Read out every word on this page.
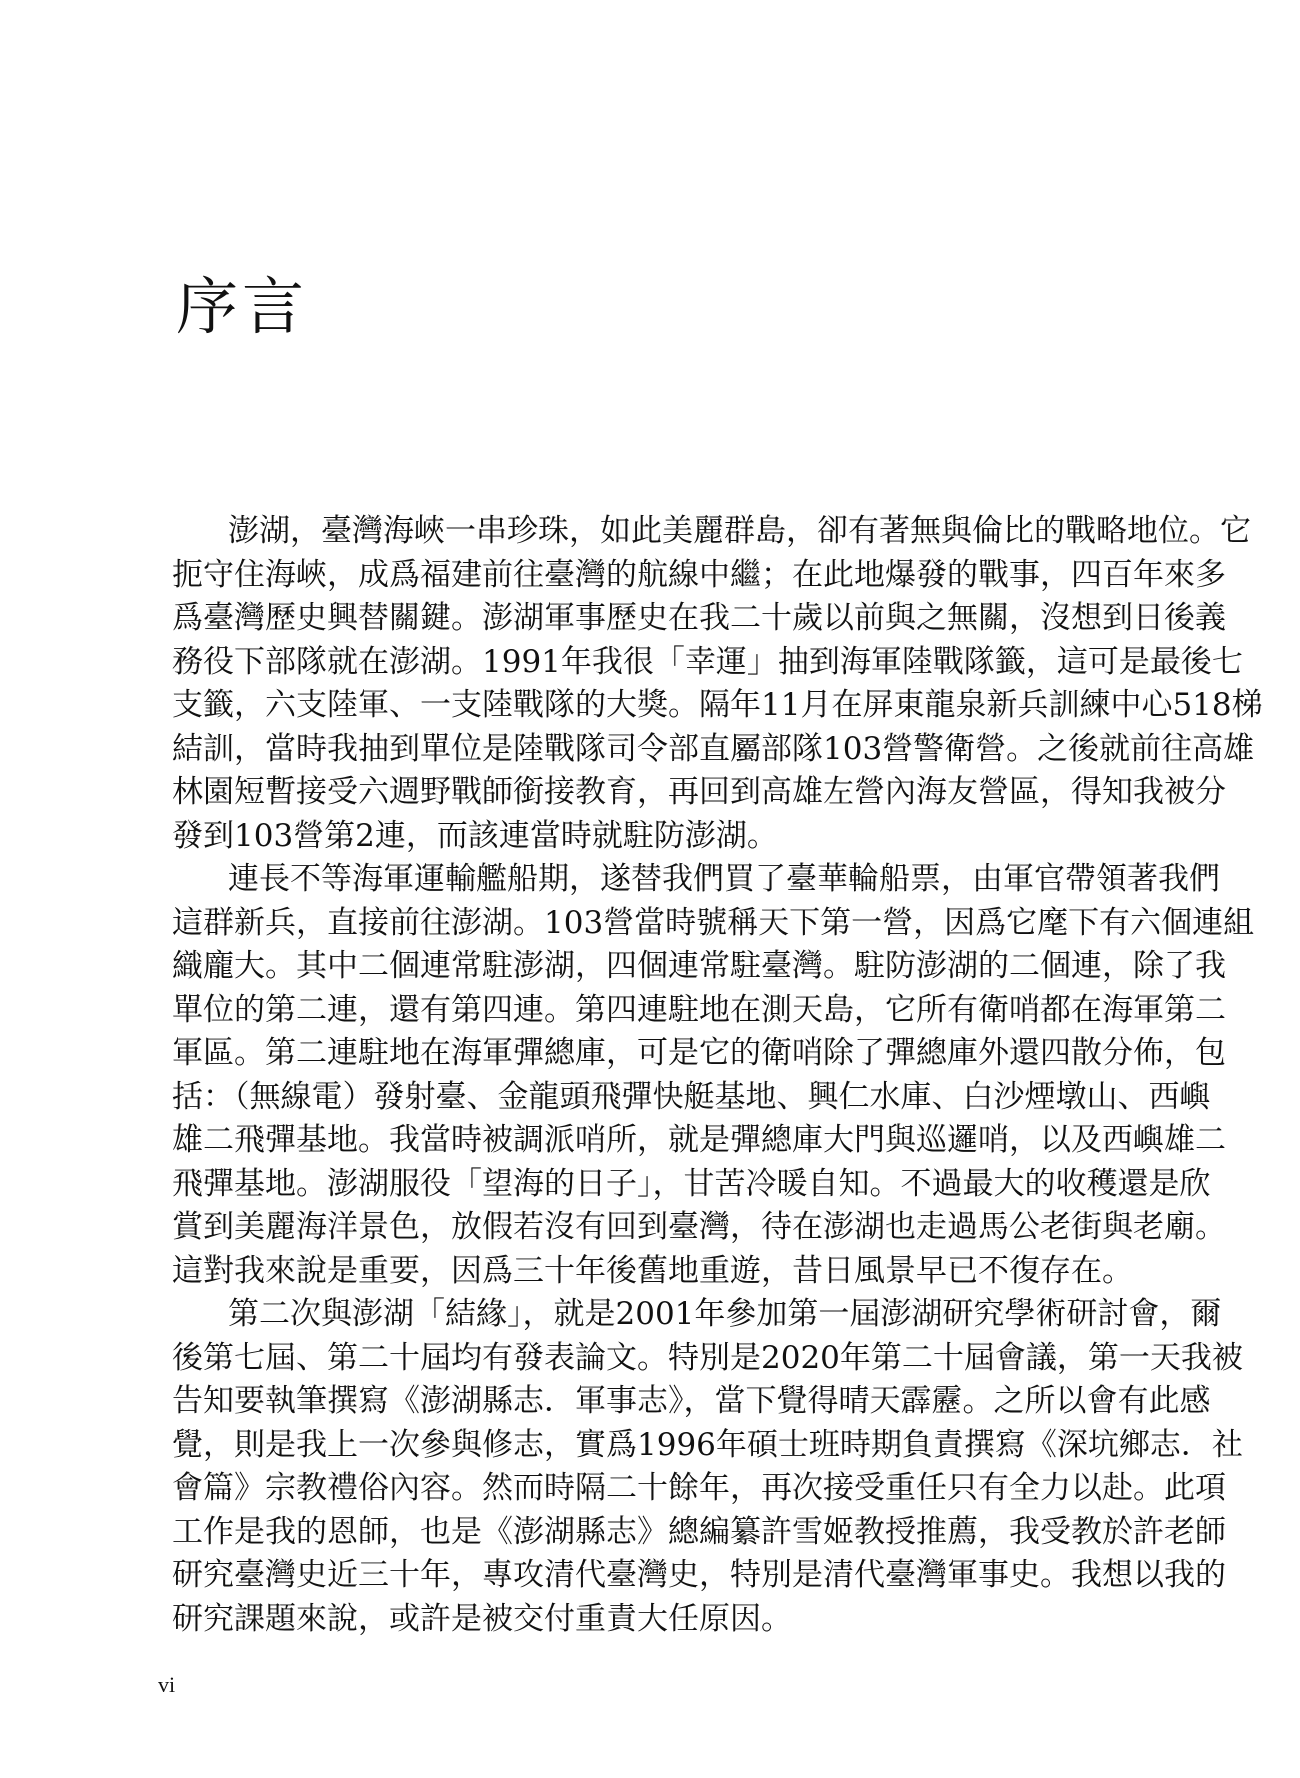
序言
澎湖，臺灣海峽一串珍珠，如此美麗群島，卻有著無與倫比的戰略地位。它
扼守住海峽，成爲福建前往臺灣的航線中繼；在此地爆發的戰事，四百年來多
爲臺灣歷史興替關鍵。澎湖軍事歷史在我二十歲以前與之無關，沒想到日後義
務役下部隊就在澎湖。1991年我很「幸運」抽到海軍陸戰隊籤，這可是最後七
支籤，六支陸軍、一支陸戰隊的大獎。隔年11月在屏東龍泉新兵訓練中心518梯
結訓，當時我抽到單位是陸戰隊司令部直屬部隊103營警衛營。之後就前往高雄
林園短暫接受六週野戰師銜接教育，再回到高雄左營內海友營區，得知我被分
發到103營第2連，而該連當時就駐防澎湖。
連長不等海軍運輸艦船期，遂替我們買了臺華輪船票，由軍官帶領著我們
這群新兵，直接前往澎湖。103營當時號稱天下第一營，因爲它麾下有六個連組
織龐大。其中二個連常駐澎湖，四個連常駐臺灣。駐防澎湖的二個連，除了我
單位的第二連，還有第四連。第四連駐地在測天島，它所有衛哨都在海軍第二
軍區。第二連駐地在海軍彈總庫，可是它的衛哨除了彈總庫外還四散分佈，包
括：（無線電）發射臺、金龍頭飛彈快艇基地、興仁水庫、白沙煙墩山、西嶼
雄二飛彈基地。我當時被調派哨所，就是彈總庫大門與巡邏哨，以及西嶼雄二
飛彈基地。澎湖服役「望海的日子」，甘苦冷暖自知。不過最大的收穫還是欣
賞到美麗海洋景色，放假若沒有回到臺灣，待在澎湖也走過馬公老街與老廟。
這對我來說是重要，因爲三十年後舊地重遊，昔日風景早已不復存在。
第二次與澎湖「結緣」，就是2001年參加第一屆澎湖研究學術研討會，爾
後第七屆、第二十屆均有發表論文。特別是2020年第二十屆會議，第一天我被
告知要執筆撰寫《澎湖縣志．軍事志》，當下覺得晴天霹靂。之所以會有此感
覺，則是我上一次參與修志，實爲1996年碩士班時期負責撰寫《深坑鄉志．社
會篇》宗教禮俗內容。然而時隔二十餘年，再次接受重任只有全力以赴。此項
工作是我的恩師，也是《澎湖縣志》總編纂許雪姬教授推薦，我受教於許老師
研究臺灣史近三十年，專攻清代臺灣史，特別是清代臺灣軍事史。我想以我的
研究課題來說，或許是被交付重責大任原因。
vi
